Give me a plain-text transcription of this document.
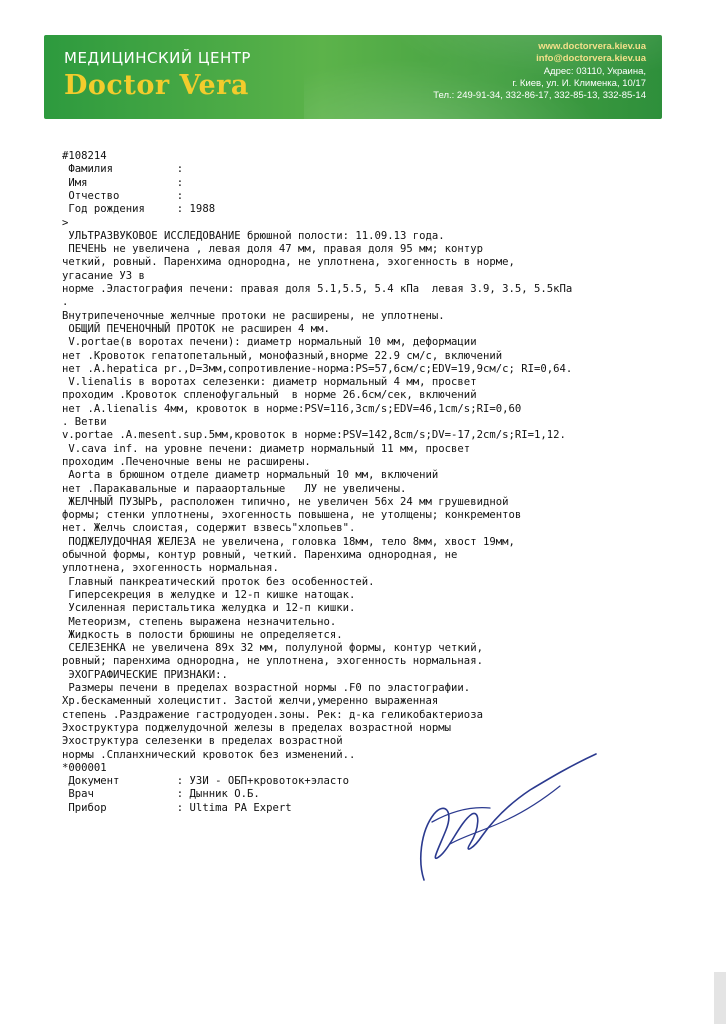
МЕДИЦИНСКИЙ ЦЕНТР
Doctor Vera
www.doctorvera.kiev.ua
info@doctorvera.kiev.ua
Адрес: 03110, Украина,
г. Киев, ул. И. Клименка, 10/17
Тел.: 249-91-34, 332-86-17, 332-85-13, 332-85-14
#108214
Фамилия          :
Имя              :
Отчество         :
Год рождения     : 1988
>
УЛЬТРАЗВУКОВОЕ ИССЛЕДОВАНИЕ брюшной полости: 11.09.13 года.
ПЕЧЕНЬ не увеличена , левая доля 47 мм, правая доля 95 мм; контур
четкий, ровный. Паренхима однородна, не уплотнена, эхогенность в норме,
угасание УЗ в
норме .Эластография печени: правая доля 5.1,5.5, 5.4 кПа  левая 3.9, 3.5, 5.5кПа
.
Внутрипеченочные желчные протоки не расширены, не уплотнены.
ОБЩИЙ ПЕЧЕНОЧНЫЙ ПРОТОК не расширен 4 мм.
V.portae(в воротах печени): диаметр нормальный 10 мм, деформации
нет .Кровоток гепатопетальный, монофазный,внорме 22.9 см/с, включений
нет .A.hepatica pr.,D=3мм,сопротивление-норма:PS=57,6см/с;EDV=19,9см/с; RI=0,64.
V.lienalis в воротах селезенки: диаметр нормальный 4 мм, просвет
проходим .Кровоток спленофугальный  в норме 26.6см/сек, включений
нет .A.lienalis 4мм, кровоток в норме:PSV=116,3cm/s;EDV=46,1cm/s;RI=0,60
. Ветви
v.portae .A.mesent.sup.5мм,кровоток в норме:PSV=142,8cm/s;DV=-17,2cm/s;RI=1,12.
V.cava inf. на уровне печени: диаметр нормальный 11 мм, просвет
проходим .Печеночные вены не расширены.
Aorta в брюшном отделе диаметр нормальный 10 мм, включений
нет .Паракавальные и парааортальные   ЛУ не увеличены.
ЖЕЛЧНЫЙ ПУЗЫРЬ, расположен типично, не увеличен 56х 24 мм грушевидной
формы; стенки уплотнены, эхогенность повышена, не утолщены; конкрементов
нет. Желчь слоистая, содержит взвесь"хлопьев".
ПОДЖЕЛУДОЧНАЯ ЖЕЛЕЗА не увеличена, головка 18мм, тело 8мм, хвост 19мм,
обычной формы, контур ровный, четкий. Паренхима однородная, не
уплотнена, эхогенность нормальная.
Главный панкреатический проток без особенностей.
Гиперсекреция в желудке и 12-п кишке натощак.
Усиленная перистальтика желудка и 12-п кишки.
Метеоризм, степень выражена незначительно.
Жидкость в полости брюшины не определяется.
СЕЛЕЗЕНКА не увеличена 89х 32 мм, полулуной формы, контур четкий,
ровный; паренхима однородна, не уплотнена, эхогенность нормальная.
ЭХОГРАФИЧЕСКИЕ ПРИЗНАКИ:.
Размеры печени в пределах возрастной нормы .F0 по эластографии.
Хр.бескаменный холецистит. Застой желчи,умеренно выраженная
степень .Раздражение гастродуоден.зоны. Рек: д-ка геликобактериоза
Эхоструктура поджелудочной железы в пределах возрастной нормы
Эхоструктура селезенки в пределах возрастной
нормы .Спланхнический кровоток без изменений..
*000001
Документ         : УЗИ - ОБП+кровоток+эласто
Врач             : Дынник О.Б.
Прибор           : Ultima PA Expert
